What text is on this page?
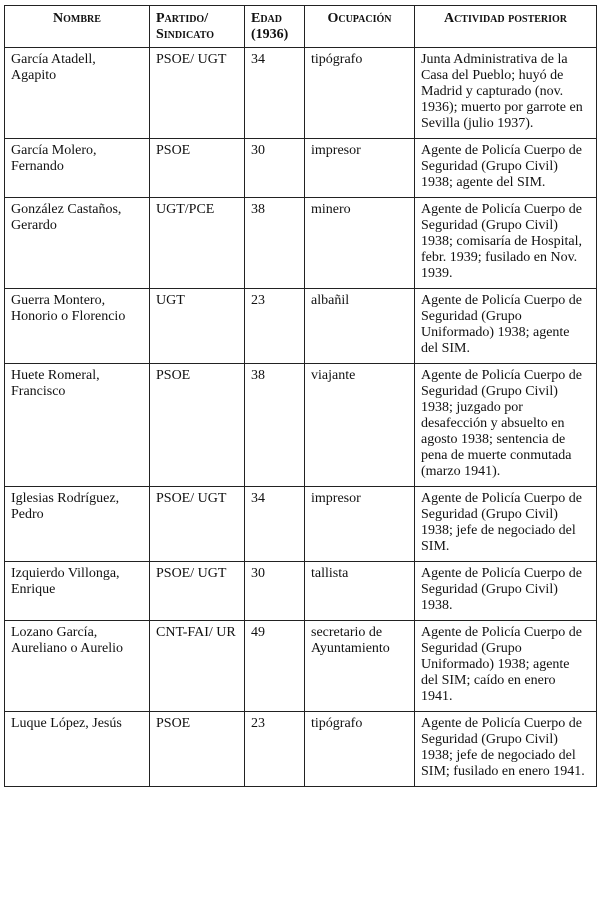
Nombre	Partido/ Sindicato	Edad (1936)	Ocupación	Actividad posterior
García Atadell, Agapito	PSOE/ UGT	34	tipógrafo	Junta Administrativa de la Casa del Pueblo; huyó de Madrid y capturado (nov. 1936); muerto por garrote en Sevilla (julio 1937).
García Molero, Fernando	PSOE	30	impresor	Agente de Policía Cuerpo de Seguridad (Grupo Civil) 1938; agente del SIM.
González Castaños, Gerardo	UGT/PCE	38	minero	Agente de Policía Cuerpo de Seguridad (Grupo Civil) 1938; comisaría de Hospital, febr. 1939; fusilado en Nov. 1939.
Guerra Montero, Honorio o Florencio	UGT	23	albañil	Agente de Policía Cuerpo de Seguridad (Grupo Uniformado) 1938; agente del SIM.
Huete Romeral, Francisco	PSOE	38	viajante	Agente de Policía Cuerpo de Seguridad (Grupo Civil) 1938; juzgado por desafección y absuelto en agosto 1938; sentencia de pena de muerte conmutada (marzo 1941).
Iglesias Rodríguez, Pedro	PSOE/ UGT	34	impresor	Agente de Policía Cuerpo de Seguridad (Grupo Civil) 1938; jefe de negociado del SIM.
Izquierdo Villonga, Enrique	PSOE/ UGT	30	tallista	Agente de Policía Cuerpo de Seguridad (Grupo Civil) 1938.
Lozano García, Aureliano o Aurelio	CNT-FAI/ UR	49	secretario de Ayuntamiento	Agente de Policía Cuerpo de Seguridad (Grupo Uniformado) 1938; agente del SIM; caído en enero 1941.
Luque López, Jesús	PSOE	23	tipógrafo	Agente de Policía Cuerpo de Seguridad (Grupo Civil) 1938; jefe de negociado del SIM; fusilado en enero 1941.
